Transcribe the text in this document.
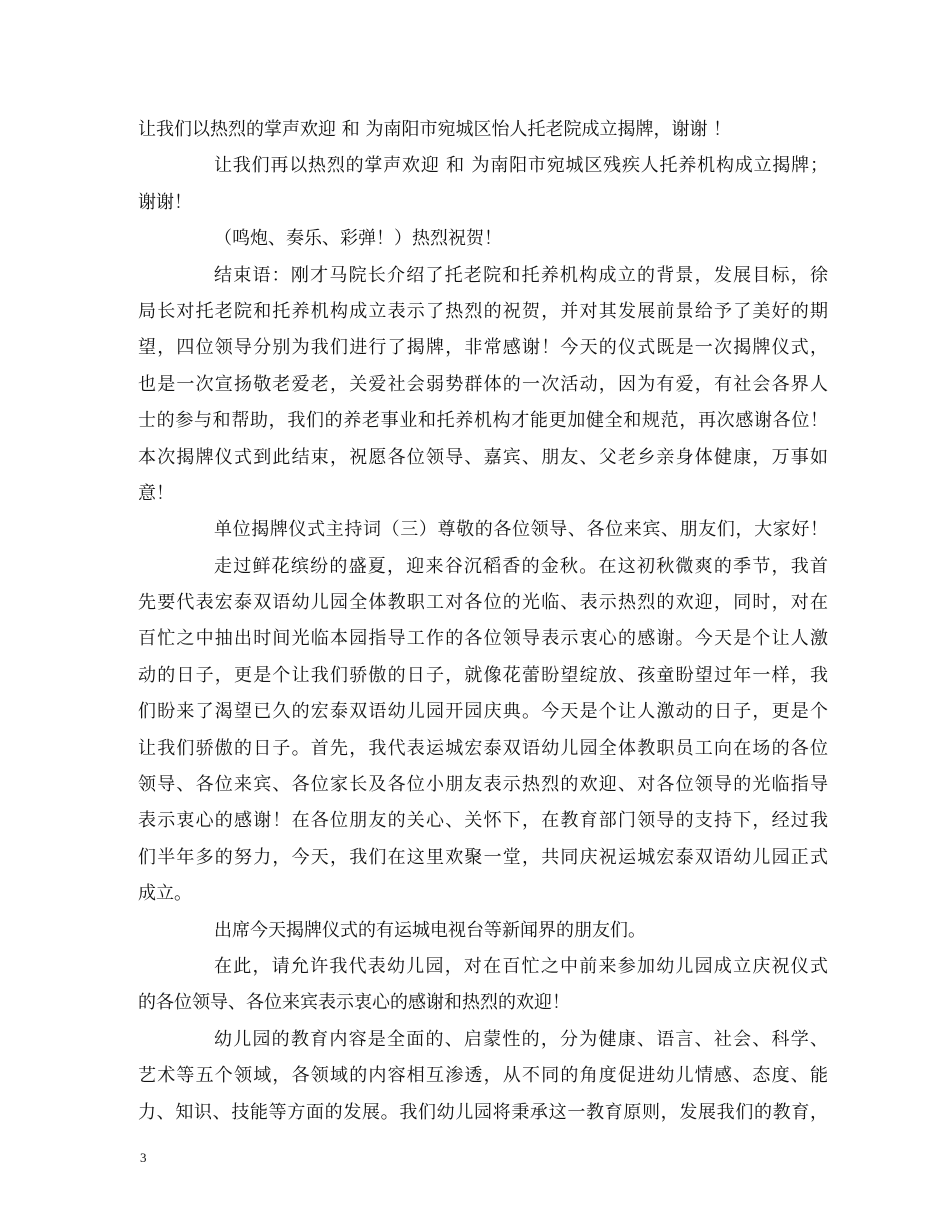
让我们以热烈的掌声欢迎 和 为南阳市宛城区怡人托老院成立揭牌，谢谢 ！
让我们再以热烈的掌声欢迎 和 为南阳市宛城区残疾人托养机构成立揭牌；
谢谢！
（鸣炮、奏乐、彩弹！）热烈祝贺！
结束语：刚才马院长介绍了托老院和托养机构成立的背景，发展目标，徐
局长对托老院和托养机构成立表示了热烈的祝贺，并对其发展前景给予了美好的期
望，四位领导分别为我们进行了揭牌，非常感谢！今天的仪式既是一次揭牌仪式，
也是一次宣扬敬老爱老，关爱社会弱势群体的一次活动，因为有爱，有社会各界人
士的参与和帮助，我们的养老事业和托养机构才能更加健全和规范，再次感谢各位！
本次揭牌仪式到此结束，祝愿各位领导、嘉宾、朋友、父老乡亲身体健康，万事如
意！
单位揭牌仪式主持词（三）尊敬的各位领导、各位来宾、朋友们，大家好！
走过鲜花缤纷的盛夏，迎来谷沉稻香的金秋。在这初秋微爽的季节，我首
先要代表宏泰双语幼儿园全体教职工对各位的光临、表示热烈的欢迎，同时，对在
百忙之中抽出时间光临本园指导工作的各位领导表示衷心的感谢。今天是个让人激
动的日子，更是个让我们骄傲的日子，就像花蕾盼望绽放、孩童盼望过年一样，我
们盼来了渴望已久的宏泰双语幼儿园开园庆典。今天是个让人激动的日子，更是个
让我们骄傲的日子。首先，我代表运城宏泰双语幼儿园全体教职员工向在场的各位
领导、各位来宾、各位家长及各位小朋友表示热烈的欢迎、对各位领导的光临指导
表示衷心的感谢！在各位朋友的关心、关怀下，在教育部门领导的支持下，经过我
们半年多的努力，今天，我们在这里欢聚一堂，共同庆祝运城宏泰双语幼儿园正式
成立。
出席今天揭牌仪式的有运城电视台等新闻界的朋友们。
在此，请允许我代表幼儿园，对在百忙之中前来参加幼儿园成立庆祝仪式
的各位领导、各位来宾表示衷心的感谢和热烈的欢迎！
幼儿园的教育内容是全面的、启蒙性的，分为健康、语言、社会、科学、
艺术等五个领域，各领域的内容相互渗透，从不同的角度促进幼儿情感、态度、能
力、知识、技能等方面的发展。我们幼儿园将秉承这一教育原则，发展我们的教育，
3
